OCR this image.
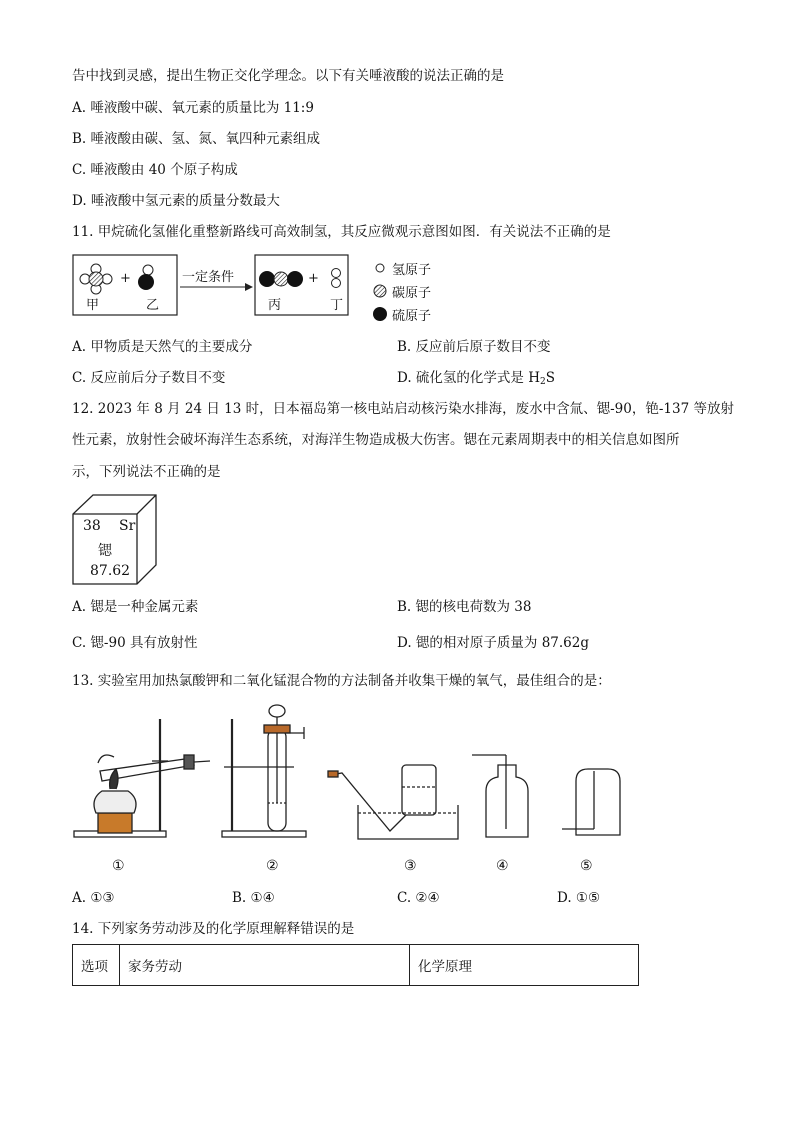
告中找到灵感，提出生物正交化学理念。以下有关唾液酸的说法正确的是
A. 唾液酸中碳、氧元素的质量比为 11:9
B. 唾液酸由碳、氢、氮、氧四种元素组成
C. 唾液酸由 40 个原子构成
D. 唾液酸中氢元素的质量分数最大
11. 甲烷硫化氢催化重整新路线可高效制氢，其反应微观示意图如图．有关说法不正确的是
+	+
一定条件
甲	乙	丙	丁
氢原子
碳原子
硫原子
A. 甲物质是天然气的主要成分	B. 反应前后原子数目不变
C. 反应前后分子数目不变	D. 硫化氢的化学式是 $H_2S$
12. 2023 年 8 月 24 日 13 时，日本福岛第一核电站启动核污染水排海，废水中含氚、锶-90，铯-137 等放射
性元素，放射性会破坏海洋生态系统，对海洋生物造成极大伤害。锶在元素周期表中的相关信息如图所
示，下列说法不正确的是
38 Sr
锶
87.62
A. 锶是一种金属元素	B. 锶的核电荷数为 38
C. 锶-90 具有放射性	D. 锶的相对原子质量为 87.62g
13. 实验室用加热氯酸钾和二氧化锰混合物的方法制备并收集干燥的氧气，最佳组合的是：
①	②	③	④	⑤
A. ①③	B. ①④	C. ②④	D. ①⑤
14. 下列家务劳动涉及的化学原理解释错误的是
选项	家务劳动	化学原理
